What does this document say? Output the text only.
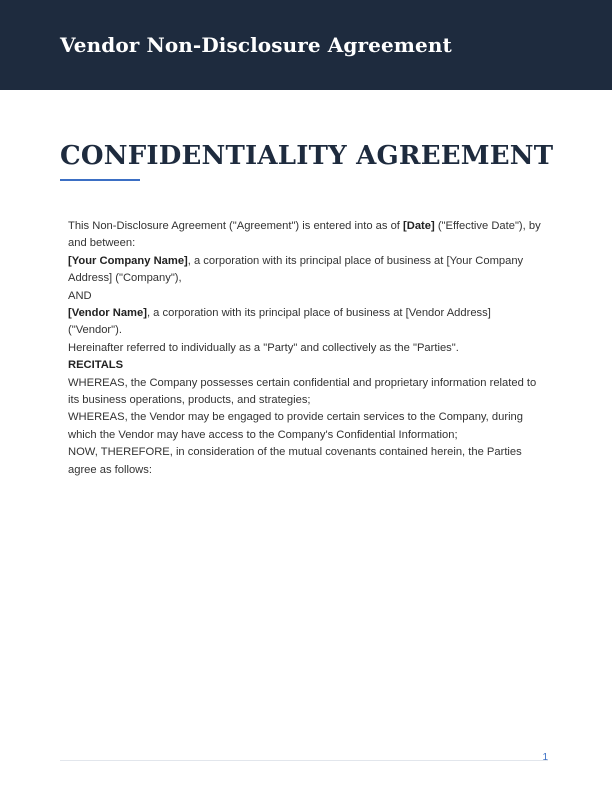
Vendor Non-Disclosure Agreement
CONFIDENTIALITY AGREEMENT

This Non-Disclosure Agreement ("Agreement") is entered into as of [Date] ("Effective Date"), by and between:

[Your Company Name], a corporation with its principal place of business at [Your Company Address] ("Company"),

AND

[Vendor Name], a corporation with its principal place of business at [Vendor Address] ("Vendor").

Hereinafter referred to individually as a "Party" and collectively as the "Parties".

RECITALS

WHEREAS, the Company possesses certain confidential and proprietary information related to its business operations, products, and strategies;

WHEREAS, the Vendor may be engaged to provide certain services to the Company, during which the Vendor may have access to the Company's Confidential Information;

NOW, THEREFORE, in consideration of the mutual covenants contained herein, the Parties agree as follows:

1
